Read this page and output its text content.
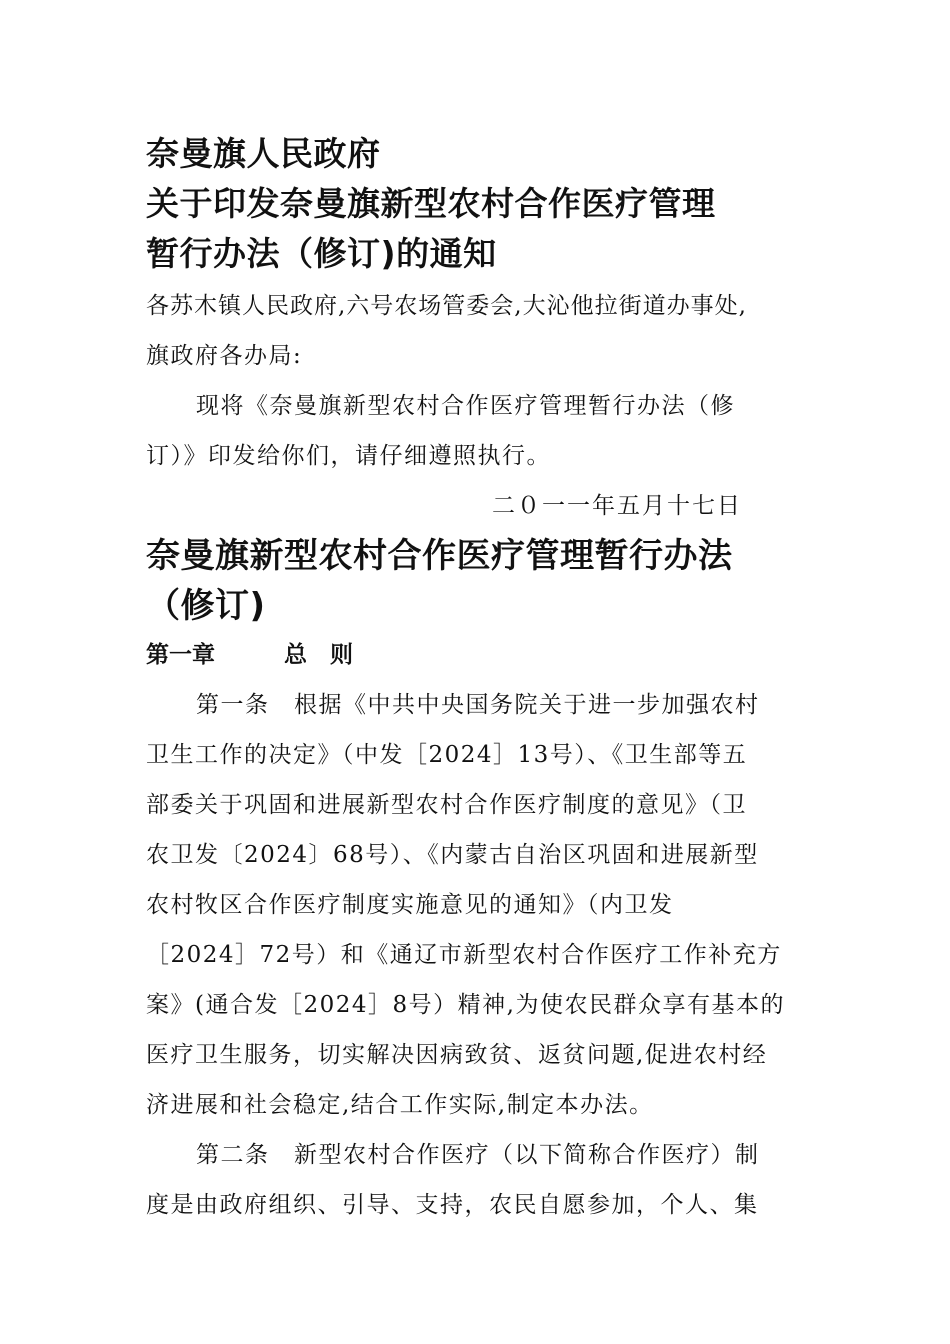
奈曼旗人民政府
关于印发奈曼旗新型农村合作医疗管理
暂行办法（修订)的通知
各苏木镇人民政府,六号农场管委会,大沁他拉街道办事处,
旗政府各办局:
现将《奈曼旗新型农村合作医疗管理暂行办法（修
订）》印发给你们，请仔细遵照执行。
二０一一年五月十七日
奈曼旗新型农村合作医疗管理暂行办法
（修订)
第一章　　　总　则
第一条　根据《中共中央国务院关于进一步加强农村
卫生工作的决定》（中发［2024］13号）、《卫生部等五
部委关于巩固和进展新型农村合作医疗制度的意见》（卫
农卫发〔2024〕68号）、《内蒙古自治区巩固和进展新型
农村牧区合作医疗制度实施意见的通知》（内卫发
［2024］72号）和《通辽市新型农村合作医疗工作补充方
案》(通合发［2024］8号）精神,为使农民群众享有基本的
医疗卫生服务，切实解决因病致贫、返贫问题,促进农村经
济进展和社会稳定,结合工作实际,制定本办法。
第二条　新型农村合作医疗（以下简称合作医疗）制
度是由政府组织、引导、支持，农民自愿参加，个人、集
